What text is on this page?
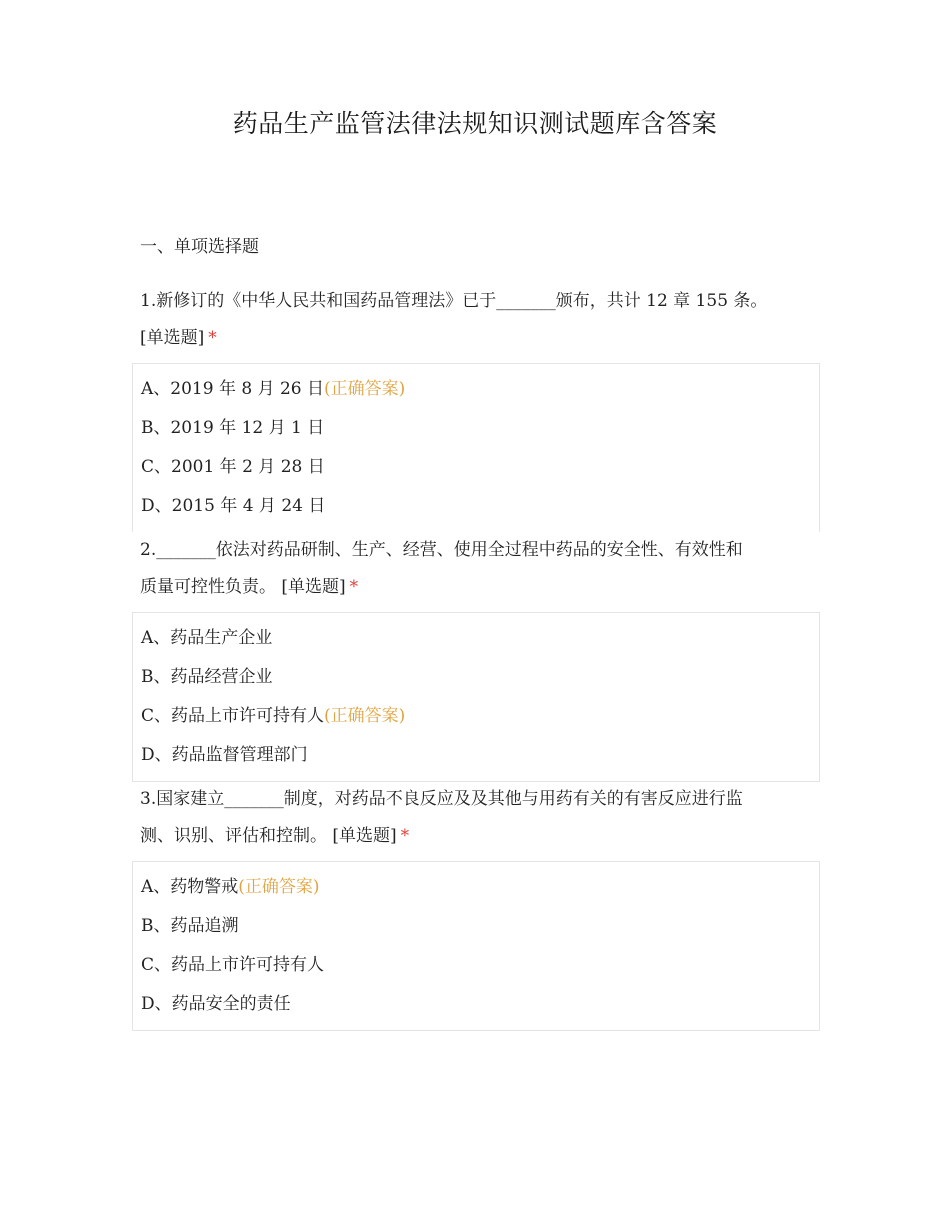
药品生产监管法律法规知识测试题库含答案
一、单项选择题

1.新修订的《中华人民共和国药品管理法》已于_______颁布，共计 12 章 155 条。
[单选题] *

A、2019 年 8 月 26 日(正确答案)
B、2019 年 12 月 1 日
C、2001 年 2 月 28 日
D、2015 年 4 月 24 日

2._______依法对药品研制、生产、经营、使用全过程中药品的安全性、有效性和
质量可控性负责。 [单选题] *

A、药品生产企业
B、药品经营企业
C、药品上市许可持有人(正确答案)
D、药品监督管理部门

3.国家建立_______制度，对药品不良反应及及其他与用药有关的有害反应进行监
测、识别、评估和控制。 [单选题] *

A、药物警戒(正确答案)
B、药品追溯
C、药品上市许可持有人
D、药品安全的责任
